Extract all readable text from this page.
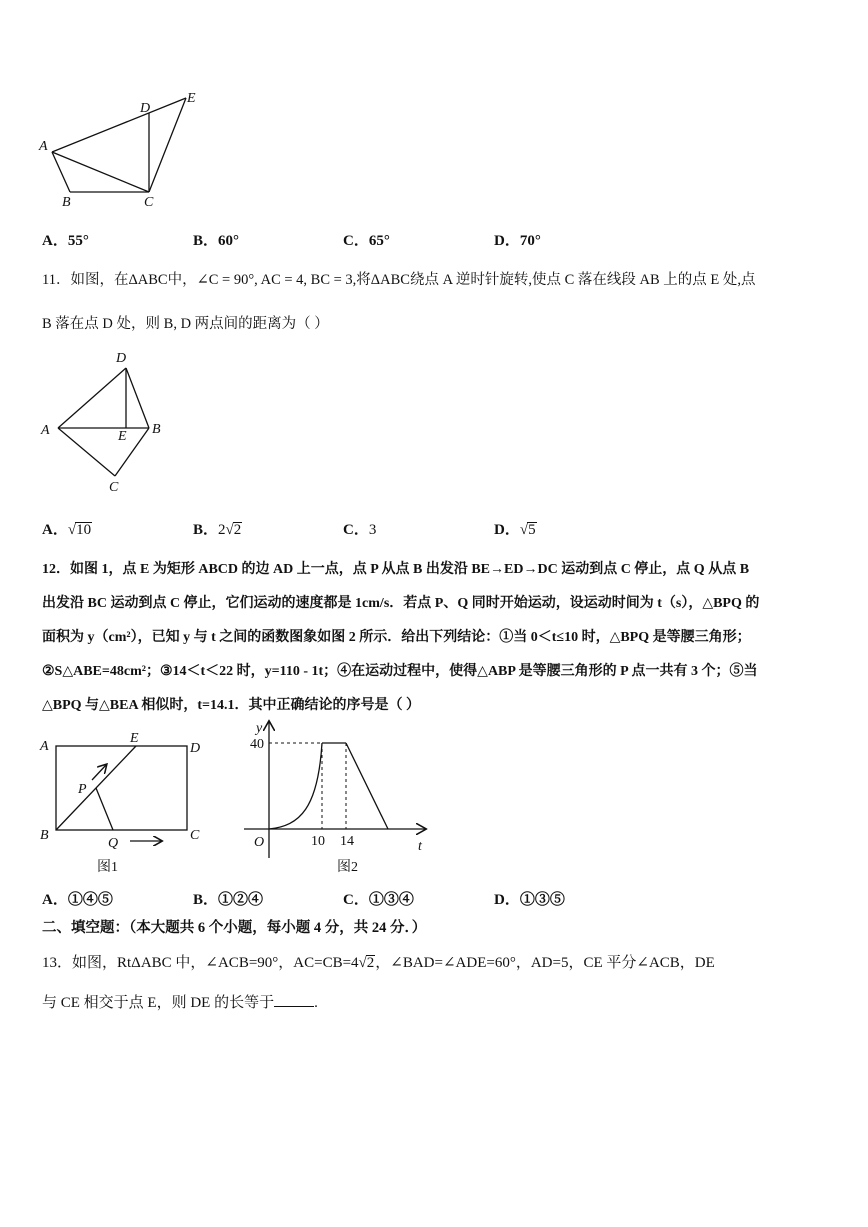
D
E
A
B	C
A．55°	B．60°	C．65°	D．70°
11．如图，在ΔABC中，∠C = 90°, AC = 4, BC = 3,将ΔABC绕点 A 逆时针旋转,使点 C 落在线段 AB 上的点 E 处,点
B 落在点 D 处，则 B, D 两点间的距离为（ ）
D
A	E B
C
A．√10	B．2√2	C．3	D．√5
12．如图 1，点 E 为矩形 ABCD 的边 AD 上一点，点 P 从点 B 出发沿 BE→ED→DC 运动到点 C 停止，点 Q 从点 B
出发沿 BC 运动到点 C 停止，它们运动的速度都是 1cm/s．若点 P、Q 同时开始运动，设运动时间为 t（s），△BPQ 的
面积为 y（cm²），已知 y 与 t 之间的函数图象如图 2 所示．给出下列结论：①当 0＜t≤10 时，△BPQ 是等腰三角形；
②S△ABE=48cm²；③14＜t＜22 时，y=110 - 1t；④在运动过程中，使得△ABP 是等腰三角形的 P 点一共有 3 个；⑤当
△BPQ 与△BEA 相似时，t=14.1．其中正确结论的序号是（ ）
A
E
D
P
B
Q
C
图1
y
40
O	10 14	t
图2
A．①④⑤	B．①②④	C．①③④	D．①③⑤
二、填空题：（本大题共 6 个小题，每小题 4 分，共 24 分．）
13．如图，RtΔABC 中，∠ACB=90°，AC=CB=4√2，∠BAD=∠ADE=60°，AD=5，CE 平分∠ACB，DE
与 CE 相交于点 E，则 DE 的长等于	.
